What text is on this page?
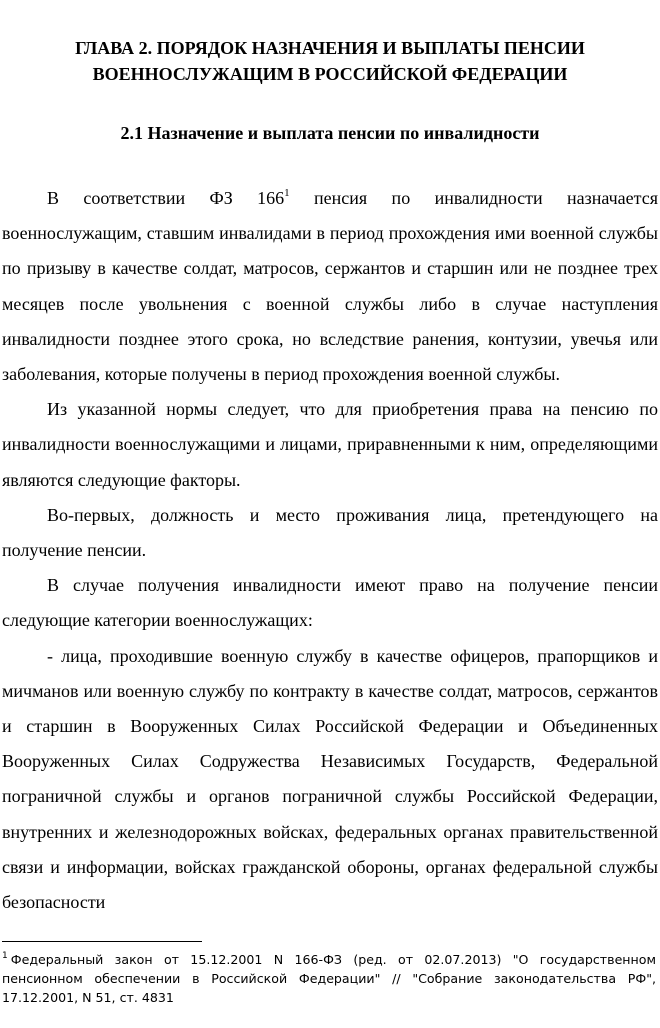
ГЛАВА 2. ПОРЯДОК НАЗНАЧЕНИЯ И ВЫПЛАТЫ ПЕНСИИ
ВОЕННОСЛУЖАЩИМ В РОССИЙСКОЙ ФЕДЕРАЦИИ
2.1 Назначение и выплата пенсии по инвалидности

В соответствии ФЗ $166^1$ пенсия по инвалидности назначается военнослужащим, ставшим инвалидами в период прохождения ими военной службы по призыву в качестве солдат, матросов, сержантов и старшин или не позднее трех месяцев после увольнения с военной службы либо в случае наступления инвалидности позднее этого срока, но вследствие ранения, контузии, увечья или заболевания, которые получены в период прохождения военной службы.

Из указанной нормы следует, что для приобретения права на пенсию по инвалидности военнослужащими и лицами, приравненными к ним, определяющими являются следующие факторы.

Во-первых, должность и место проживания лица, претендующего на получение пенсии.

В случае получения инвалидности имеют право на получение пенсии следующие категории военнослужащих:

- лица, проходившие военную службу в качестве офицеров, прапорщиков и мичманов или военную службу по контракту в качестве солдат, матросов, сержантов и старшин в Вооруженных Силах Российской Федерации и Объединенных Вооруженных Силах Содружества Независимых Государств, Федеральной пограничной службы и органов пограничной службы Российской Федерации, внутренних и железнодорожных войсках, федеральных органах правительственной связи и информации, войсках гражданской обороны, органах федеральной службы безопасности

$^1$ Федеральный закон от 15.12.2001 N 166-ФЗ (ред. от 02.07.2013) "О государственном пенсионном обеспечении в Российской Федерации" // "Собрание законодательства РФ", 17.12.2001, N 51, ст. 4831
